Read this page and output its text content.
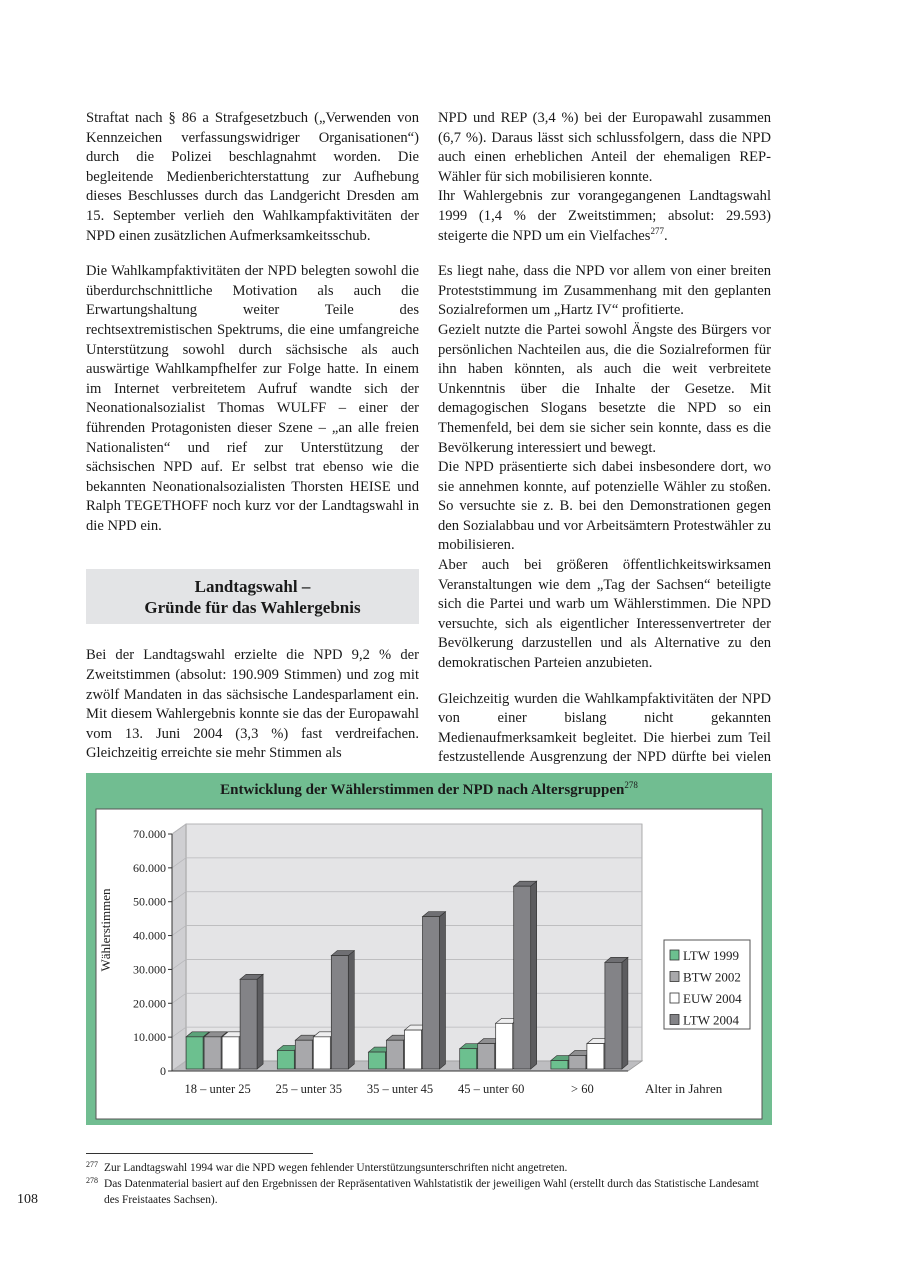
Straftat nach § 86 a Strafgesetzbuch („Verwenden von Kennzeichen verfassungswidriger Organisationen“) durch die Polizei beschlagnahmt worden. Die begleitende Medienberichterstattung zur Aufhebung dieses Beschlusses durch das Landgericht Dresden am 15. September verlieh den Wahlkampfaktivitäten der NPD einen zusätzlichen Aufmerksamkeitsschub.

Die Wahlkampfaktivitäten der NPD belegten sowohl die überdurchschnittliche Motivation als auch die Erwartungshaltung weiter Teile des rechtsextremistischen Spektrums, die eine umfangreiche Unterstützung sowohl durch sächsische als auch auswärtige Wahlkampfhelfer zur Folge hatte. In einem im Internet verbreitetem Aufruf wandte sich der Neonationalsozialist Thomas WULFF – einer der führenden Protagonisten dieser Szene – „an alle freien Nationalisten“ und rief zur Unterstützung der sächsischen NPD auf. Er selbst trat ebenso wie die bekannten Neonationalsozialisten Thorsten HEISE und Ralph TEGETHOFF noch kurz vor der Landtagswahl in die NPD ein.

Landtagswahl –
Gründe für das Wahlergebnis

Bei der Landtagswahl erzielte die NPD 9,2 % der Zweitstimmen (absolut: 190.909 Stimmen) und zog mit zwölf Mandaten in das sächsische Landesparlament ein. Mit diesem Wahlergebnis konnte sie das der Europawahl vom 13. Juni 2004 (3,3 %) fast verdreifachen. Gleichzeitig erreichte sie mehr Stimmen als

NPD und REP (3,4 %) bei der Europawahl zusammen (6,7 %). Daraus lässt sich schlussfolgern, dass die NPD auch einen erheblichen Anteil der ehemaligen REP-Wähler für sich mobilisieren konnte.

Ihr Wahlergebnis zur vorangegangenen Landtagswahl 1999 (1,4 % der Zweitstimmen; absolut: 29.593) steigerte die NPD um ein Vielfaches$^{277}$.

Es liegt nahe, dass die NPD vor allem von einer breiten Proteststimmung im Zusammenhang mit den geplanten Sozialreformen um „Hartz IV“ profitierte.

Gezielt nutzte die Partei sowohl Ängste des Bürgers vor persönlichen Nachteilen aus, die die Sozialreformen für ihn haben könnten, als auch die weit verbreitete Unkenntnis über die Inhalte der Gesetze. Mit demagogischen Slogans besetzte die NPD so ein Themenfeld, bei dem sie sicher sein konnte, dass es die Bevölkerung interessiert und bewegt.

Die NPD präsentierte sich dabei insbesondere dort, wo sie annehmen konnte, auf potenzielle Wähler zu stoßen. So versuchte sie z. B. bei den Demonstrationen gegen den Sozialabbau und vor Arbeitsämtern Protestwähler zu mobilisieren.

Aber auch bei größeren öffentlichkeitswirksamen Veranstaltungen wie dem „Tag der Sachsen“ beteiligte sich die Partei und warb um Wählerstimmen. Die NPD versuchte, sich als eigentlicher Interessenvertreter der Bevölkerung darzustellen und als Alternative zu den demokratischen Parteien anzubieten.

Gleichzeitig wurden die Wahlkampfaktivitäten der NPD von einer bislang nicht gekannten Medienaufmerksamkeit begleitet. Die hierbei zum Teil festzustellende Ausgrenzung der NPD dürfte bei vielen

Entwicklung der Wählerstimmen der NPD nach Altersgruppen$^{278}$
0
10.000
20.000
30.000
40.000
50.000
60.000
70.000
Wählerstimmen
18 – unter 25 25 – unter 35 35 – unter 45 45 – unter 60	> 60	Alter in Jahren
LTW 1999
BTW 2002
EUW 2004
LTW 2004
277 Zur Landtagswahl 1994 war die NPD wegen fehlender Unterstützungsunterschriften nicht angetreten.
278 Das Datenmaterial basiert auf den Ergebnissen der Repräsentativen Wahlstatistik der jeweiligen Wahl (erstellt durch das Statistische Landesamt des Freistaates Sachsen).
108
